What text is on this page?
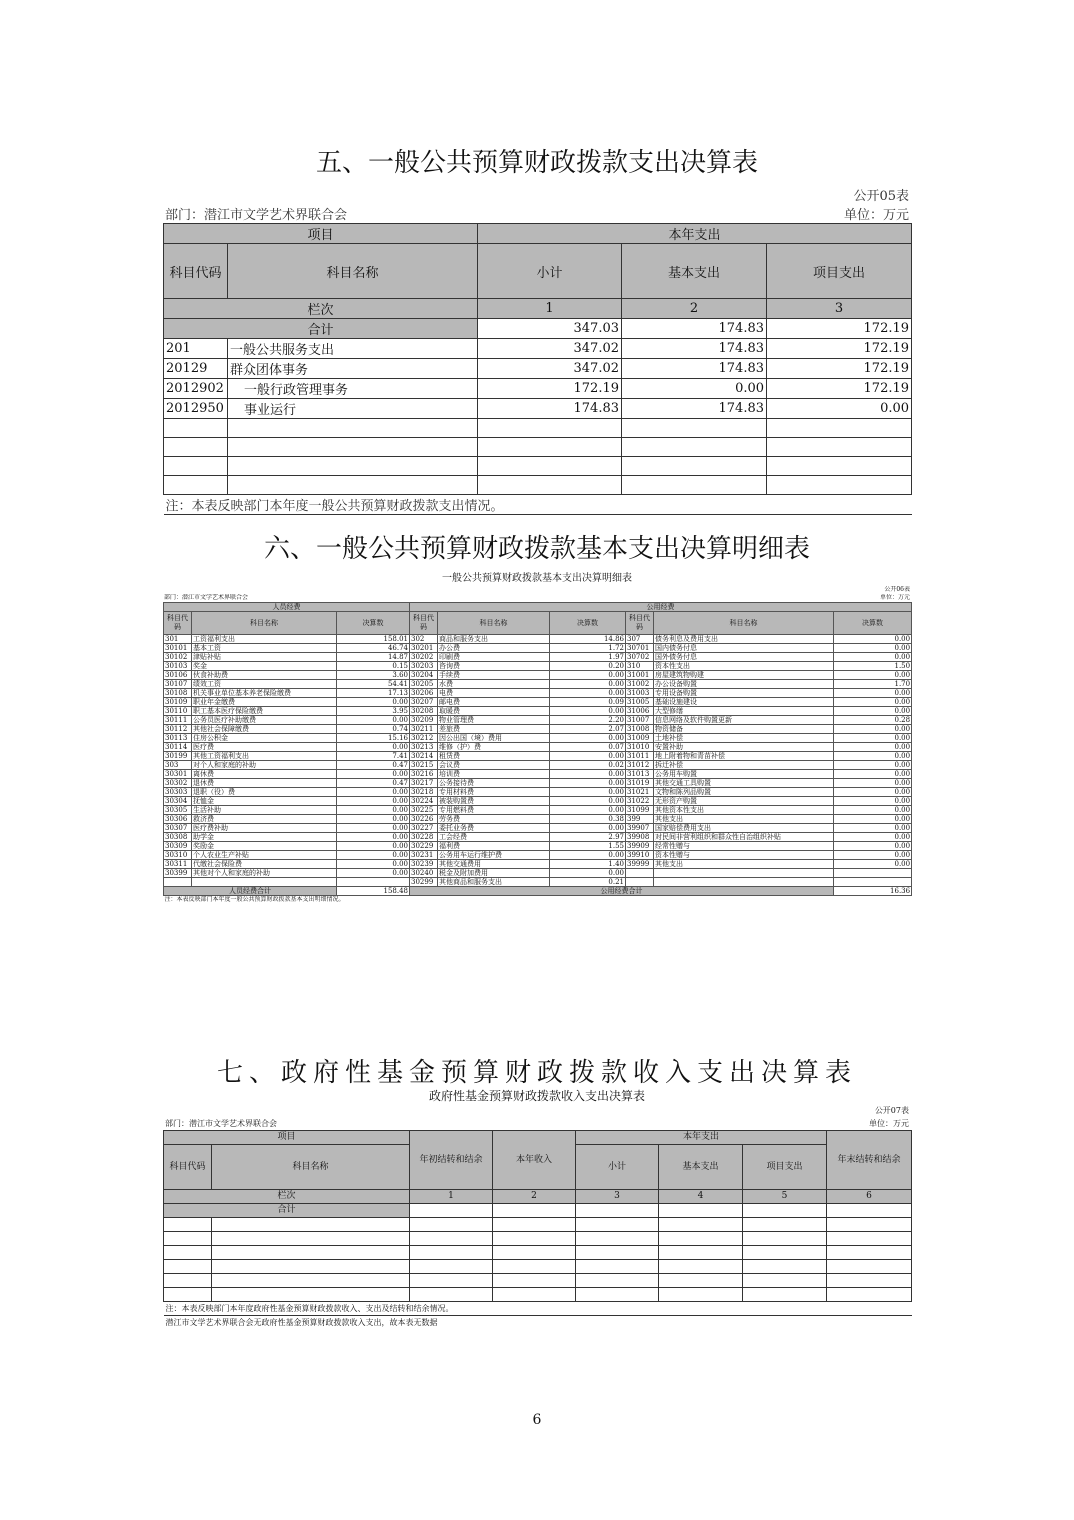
五、一般公共预算财政拨款支出决算表
公开05表
部门：潜江市文学艺术界联合会	单位：万元
项目		本年支出		
科目代码	科目名称	小计	基本支出	项目支出
栏次		1	2	3
合计		347.03	174.83	172.19
201	一般公共服务支出	347.02	174.83	172.19
20129	群众团体事务	347.02	174.83	172.19
2012902	一般行政管理事务	172.19	0.00	172.19
2012950	事业运行	174.83	174.83	0.00

注：本表反映部门本年度一般公共预算财政拨款支出情况。				
六、一般公共预算财政拨款基本支出决算明细表
一般公共预算财政拨款基本支出决算明细表
公开06表
部门：潜江市文学艺术界联合会	单位：万元
人员经费			公用经费					
科目代码	科目名称	决算数	科目代码	科目名称	决算数	科目代码	科目名称	决算数
301	工资福利支出	158.01	302	商品和服务支出	14.86	307	债务利息及费用支出	0.00
30101	基本工资	46.74	30201	办公费	1.72	30701	国内债务付息	0.00
30102	津贴补贴	14.87	30202	印刷费	1.97	30702	国外债务付息	0.00
30103	奖金	0.15	30203	咨询费	0.20	310	资本性支出	1.50
30106	伙食补助费	3.60	30204	手续费	0.00	31001	房屋建筑物购建	0.00
30107	绩效工资	54.41	30205	水费	0.00	31002	办公设备购置	1.70
30108	机关事业单位基本养老保险缴费	17.13	30206	电费	0.00	31003	专用设备购置	0.00
30109	职业年金缴费	0.00	30207	邮电费	0.09	31005	基础设施建设	0.00
30110	职工基本医疗保险缴费	3.95	30208	取暖费	0.00	31006	大型修缮	0.00
30111	公务员医疗补助缴费	0.00	30209	物业管理费	2.20	31007	信息网络及软件购置更新	0.28
30112	其他社会保障缴费	0.74	30211	差旅费	2.07	31008	物资储备	0.00
30113	住房公积金	15.16	30212	因公出国（境）费用	0.00	31009	土地补偿	0.00
30114	医疗费	0.00	30213	维修（护）费	0.07	31010	安置补助	0.00
30199	其他工资福利支出	7.41	30214	租赁费	0.00	31011	地上附着物和青苗补偿	0.00
303	对个人和家庭的补助	0.47	30215	会议费	0.02	31012	拆迁补偿	0.00
30301	离休费	0.00	30216	培训费	0.00	31013	公务用车购置	0.00
30302	退休费	0.47	30217	公务接待费	0.00	31019	其他交通工具购置	0.00
30303	退职（役）费	0.00	30218	专用材料费	0.00	31021	文物和陈列品购置	0.00
30304	抚恤金	0.00	30224	被装购置费	0.00	31022	无形资产购置	0.00
30305	生活补助	0.00	30225	专用燃料费	0.00	31099	其他资本性支出	0.00
30306	救济费	0.00	30226	劳务费	0.38	399	其他支出	0.00
30307	医疗费补助	0.00	30227	委托业务费	0.00	39907	国家赔偿费用支出	0.00
30308	助学金	0.00	30228	工会经费	2.97	39908	对民间非营利组织和群众性自治组织补贴	0.00
30309	奖励金	0.00	30229	福利费	1.55	39909	经常性赠与	0.00
30310	个人农业生产补贴	0.00	30231	公务用车运行维护费	0.00	39910	资本性赠与	0.00
30311	代缴社会保险费	0.00	30239	其他交通费用	1.40	39999	其他支出	0.00
30399	其他对个人和家庭的补助	0.00	30240	税金及附加费用	0.00			
			30299	其他商品和服务支出	0.21			
人员经费合计		158.48	公用经费合计					16.36
注：本表反映部门本年度一般公共预算财政拨款基本支出明细情况。								
七、政府性基金预算财政拨款收入支出决算表
政府性基金预算财政拨款收入支出决算表
公开07表
部门：潜江市文学艺术界联合会	单位：万元
项目		年初结转和结余	本年收入	本年支出			年末结转和结余
科目代码	科目名称			小计	基本支出	项目支出	
栏次		1	2	3	4	5	6
合计							

注：本表反映部门本年度政府性基金预算财政拨款收入、支出及结转和结余情况。							
潜江市文学艺术界联合会无政府性基金预算财政拨款收入支出，故本表无数据							
6
